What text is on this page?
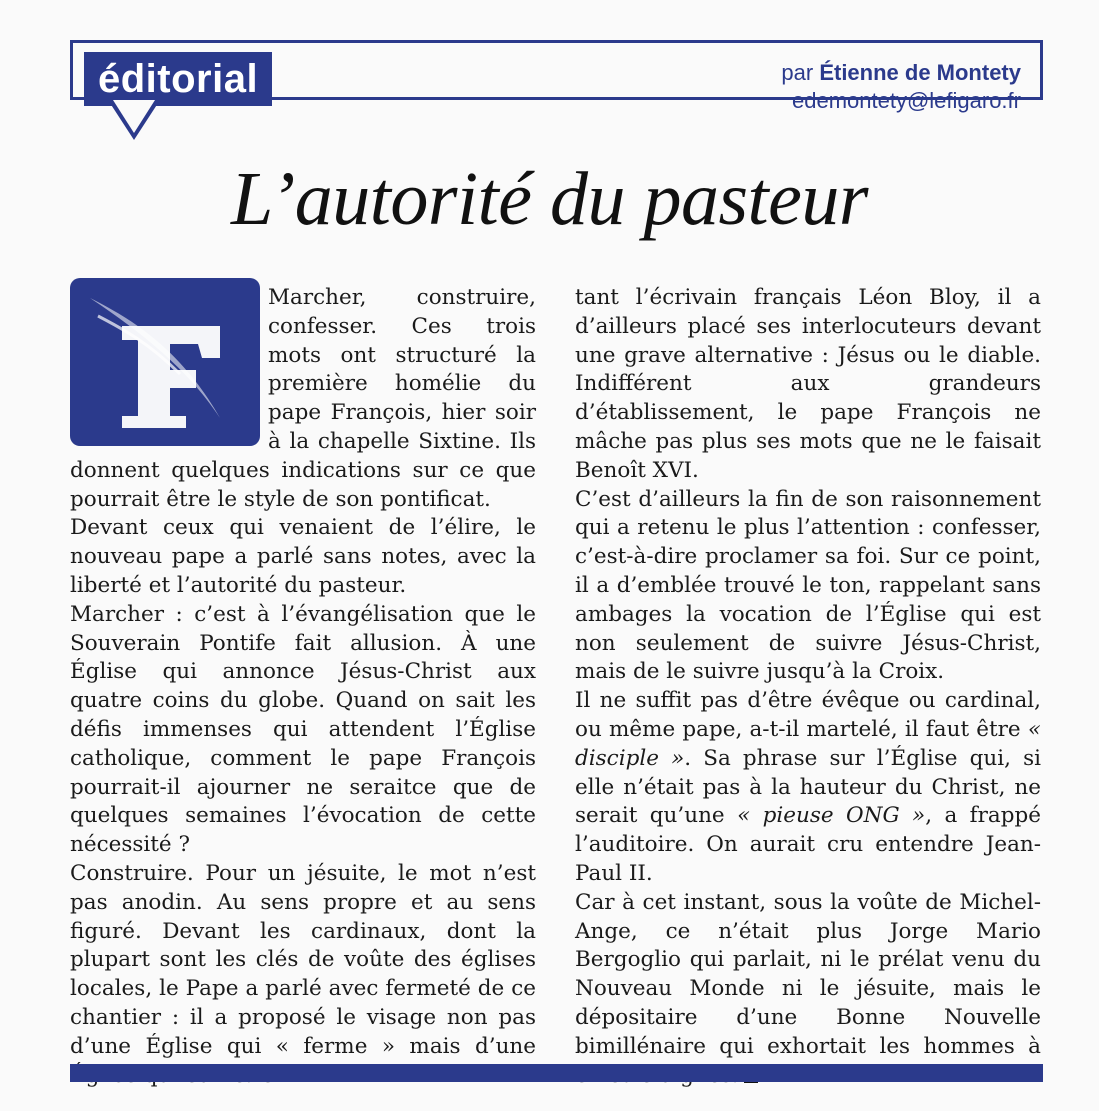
éditorial	par Étienne de Montety
edemontety@lefigaro.fr
L’autorité du pasteur

Marcher, construire, confesser. Ces trois mots ont structuré la première homélie du pape François, hier soir à la chapelle Sixtine. Ils donnent quelques indications sur ce que pourrait être le style de son pontificat.

Devant ceux qui venaient de l’élire, le nouveau pape a parlé sans notes, avec la liberté et l’autorité du pasteur.

Marcher : c’est à l’évangélisation que le Souverain Pontife fait allusion. À une Église qui annonce Jésus-Christ aux quatre coins du globe. Quand on sait les défis immenses qui attendent l’Église catholique, comment le pape François pourrait-il ajourner ne seraitce que de quelques semaines l’évocation de cette nécessité ?

Construire. Pour un jésuite, le mot n’est pas anodin. Au sens propre et au sens figuré. Devant les cardinaux, dont la plupart sont les clés de voûte des églises locales, le Pape a parlé avec fermeté de ce chantier : il a proposé le visage non pas d’une Église qui « ferme » mais d’une

tant l’écrivain français Léon Bloy, il a d’ailleurs placé ses interlocuteurs devant une grave alternative : Jésus ou le diable. Indifférent aux grandeurs d’établissement, le pape François ne mâche pas plus ses mots que ne le faisait Benoît XVI.

C’est d’ailleurs la fin de son raisonnement qui a retenu le plus l’attention : confesser, c’est-à-dire proclamer sa foi. Sur ce point, il a d’emblée trouvé le ton, rappelant sans ambages la vocation de l’Église qui est non seulement de suivre Jésus-Christ, mais de le suivre jusqu’à la Croix.

Il ne suffit pas d’être évêque ou cardinal, ou même pape, a-t-il martelé, il faut être « disciple ». Sa phrase sur l’Église qui, si elle n’était pas à la hauteur du Christ, ne serait qu’une « pieuse ONG », a frappé l’auditoire. On aurait cru entendre Jean-Paul II.

Car à cet instant, sous la voûte de Michel-Ange, ce n’était plus Jorge Mario Bergoglio qui parlait, ni le prélat venu du Nouveau Monde ni le jésuite, mais le dépositaire d’une Bonne Nouvelle bimillénaire qui exhortait les hommes à
